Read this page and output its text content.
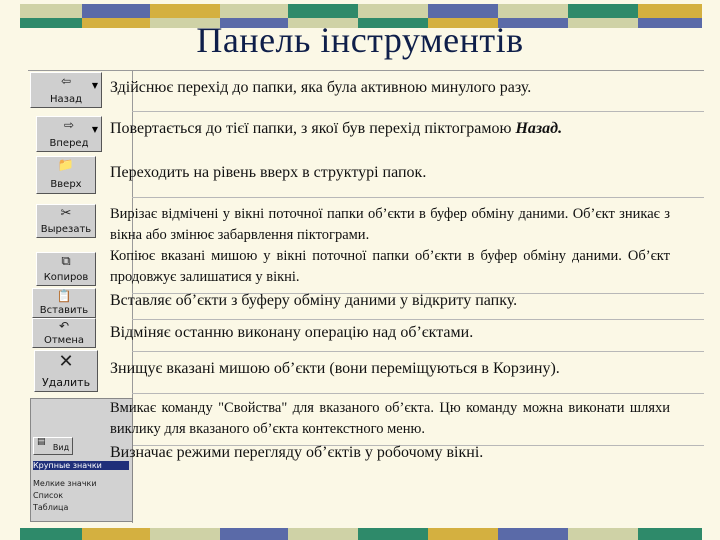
Панель інструментів
⇦
Назад
▼
⇨
Вперед
▼
📁
Вверх
✂
Вырезать
⧉
Копиров
📋
Вставить
↶
Отмена
✕
Удалить
▤
Вид
Крупные значки
Мелкие значки
Список
Таблица
Здійснює перехід до папки, яка була активною минулого разу.
Повертається до тієї папки, з якої був перехід піктограмою Назад.
Переходить на рівень вверх в структурі папок.
Вирізає відмічені у вікні поточної папки об’єкти в буфер обміну даними. Об’єкт зникає з вікна або змінює забарвлення піктограми.
Копіює вказані мишою у вікні поточної папки об’єкти в буфер обміну даними. Об’єкт продовжує залишатися у вікні.
Вставляє об’єкти з буферу обміну даними у відкриту папку.
Відміняє останню виконану операцію над об’єктами.
Знищує вказані мишою об’єкти (вони переміщуються в Корзину).
Вмикає команду "Свойства" для вказаного об’єкта. Цю команду можна виконати шляхи виклику для вказаного об’єкта контекстного меню.
Визначає режими перегляду об’єктів у робочому вікні.
